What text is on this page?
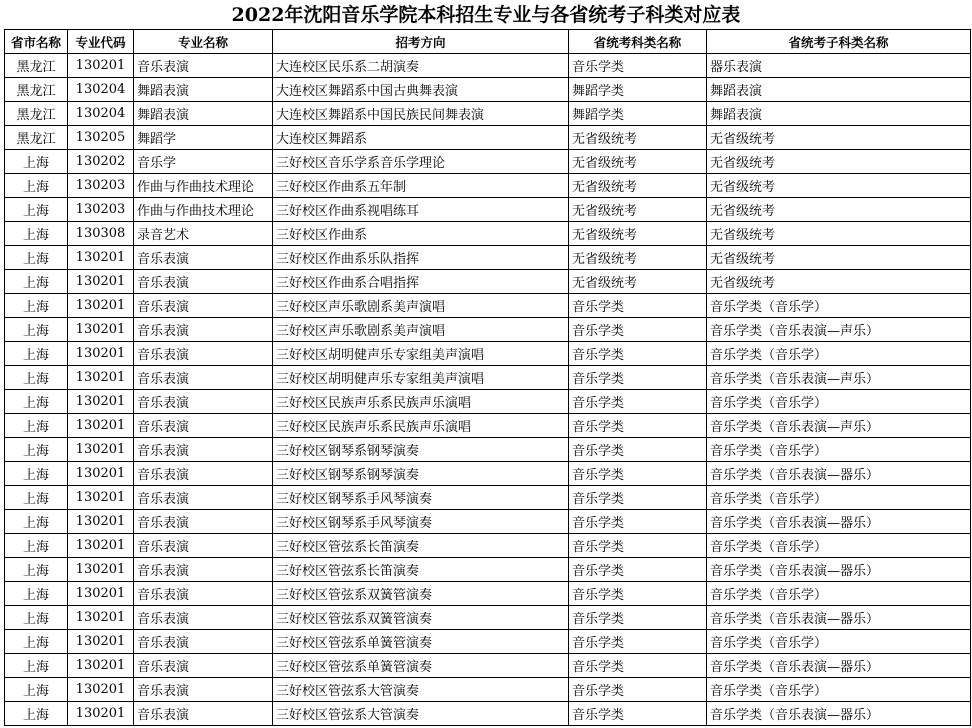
2022年沈阳音乐学院本科招生专业与各省统考子科类对应表
省市名称	专业代码	专业名称	招考方向	省统考科类名称	省统考子科类名称
黑龙江	130201	音乐表演	大连校区民乐系二胡演奏	音乐学类	器乐表演
黑龙江	130204	舞蹈表演	大连校区舞蹈系中国古典舞表演	舞蹈学类	舞蹈表演
黑龙江	130204	舞蹈表演	大连校区舞蹈系中国民族民间舞表演	舞蹈学类	舞蹈表演
黑龙江	130205	舞蹈学	大连校区舞蹈系	无省级统考	无省级统考
上海	130202	音乐学	三好校区音乐学系音乐学理论	无省级统考	无省级统考
上海	130203	作曲与作曲技术理论	三好校区作曲系五年制	无省级统考	无省级统考
上海	130203	作曲与作曲技术理论	三好校区作曲系视唱练耳	无省级统考	无省级统考
上海	130308	录音艺术	三好校区作曲系	无省级统考	无省级统考
上海	130201	音乐表演	三好校区作曲系乐队指挥	无省级统考	无省级统考
上海	130201	音乐表演	三好校区作曲系合唱指挥	无省级统考	无省级统考
上海	130201	音乐表演	三好校区声乐歌剧系美声演唱	音乐学类	音乐学类（音乐学）
上海	130201	音乐表演	三好校区声乐歌剧系美声演唱	音乐学类	音乐学类（音乐表演—声乐）
上海	130201	音乐表演	三好校区胡明健声乐专家组美声演唱	音乐学类	音乐学类（音乐学）
上海	130201	音乐表演	三好校区胡明健声乐专家组美声演唱	音乐学类	音乐学类（音乐表演—声乐）
上海	130201	音乐表演	三好校区民族声乐系民族声乐演唱	音乐学类	音乐学类（音乐学）
上海	130201	音乐表演	三好校区民族声乐系民族声乐演唱	音乐学类	音乐学类（音乐表演—声乐）
上海	130201	音乐表演	三好校区钢琴系钢琴演奏	音乐学类	音乐学类（音乐学）
上海	130201	音乐表演	三好校区钢琴系钢琴演奏	音乐学类	音乐学类（音乐表演—器乐）
上海	130201	音乐表演	三好校区钢琴系手风琴演奏	音乐学类	音乐学类（音乐学）
上海	130201	音乐表演	三好校区钢琴系手风琴演奏	音乐学类	音乐学类（音乐表演—器乐）
上海	130201	音乐表演	三好校区管弦系长笛演奏	音乐学类	音乐学类（音乐学）
上海	130201	音乐表演	三好校区管弦系长笛演奏	音乐学类	音乐学类（音乐表演—器乐）
上海	130201	音乐表演	三好校区管弦系双簧管演奏	音乐学类	音乐学类（音乐学）
上海	130201	音乐表演	三好校区管弦系双簧管演奏	音乐学类	音乐学类（音乐表演—器乐）
上海	130201	音乐表演	三好校区管弦系单簧管演奏	音乐学类	音乐学类（音乐学）
上海	130201	音乐表演	三好校区管弦系单簧管演奏	音乐学类	音乐学类（音乐表演—器乐）
上海	130201	音乐表演	三好校区管弦系大管演奏	音乐学类	音乐学类（音乐学）
上海	130201	音乐表演	三好校区管弦系大管演奏	音乐学类	音乐学类（音乐表演—器乐）
